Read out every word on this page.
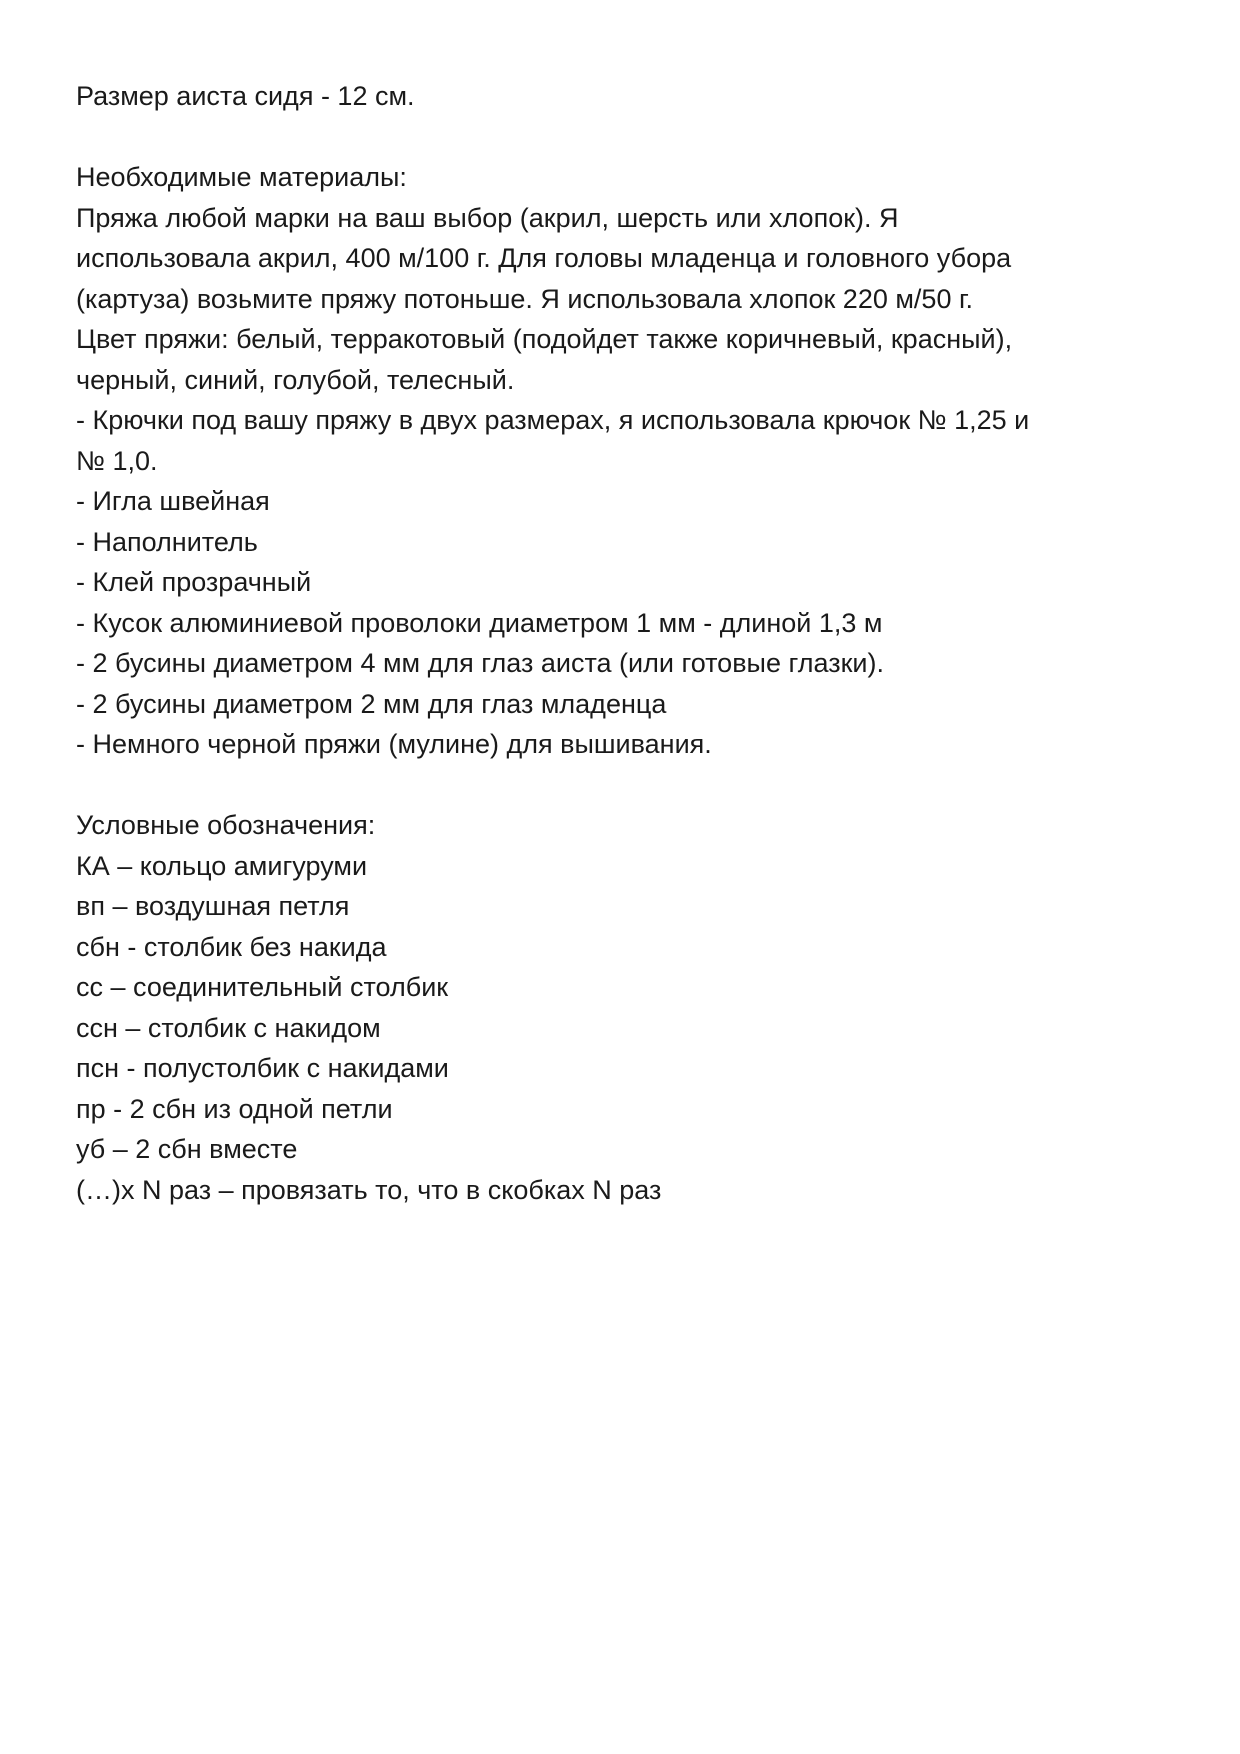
Размер аиста сидя - 12 см.
Необходимые материалы:
Пряжа любой марки на ваш выбор (акрил, шерсть или хлопок). Я
использовала акрил, 400 м/100 г. Для головы младенца и головного убора
(картуза) возьмите пряжу потоньше. Я использовала хлопок 220 м/50 г.
Цвет пряжи: белый, терракотовый (подойдет также коричневый, красный),
черный, синий, голубой, телесный.
- Крючки под вашу пряжу в двух размерах, я использовала крючок № 1,25 и
№ 1,0.
- Игла швейная
- Наполнитель
- Клей прозрачный
- Кусок алюминиевой проволоки диаметром 1 мм - длиной 1,3 м
- 2 бусины диаметром 4 мм для глаз аиста (или готовые глазки).
- 2 бусины диаметром 2 мм для глаз младенца
- Немного черной пряжи (мулине) для вышивания.
Условные обозначения:
КА – кольцо амигуруми
вп – воздушная петля
сбн - столбик без накида
сс – соединительный столбик
ссн – столбик с накидом
псн - полустолбик с накидами
пр - 2 сбн из одной петли
уб – 2 сбн вместе
(…)x N раз – провязать то, что в скобках N раз
